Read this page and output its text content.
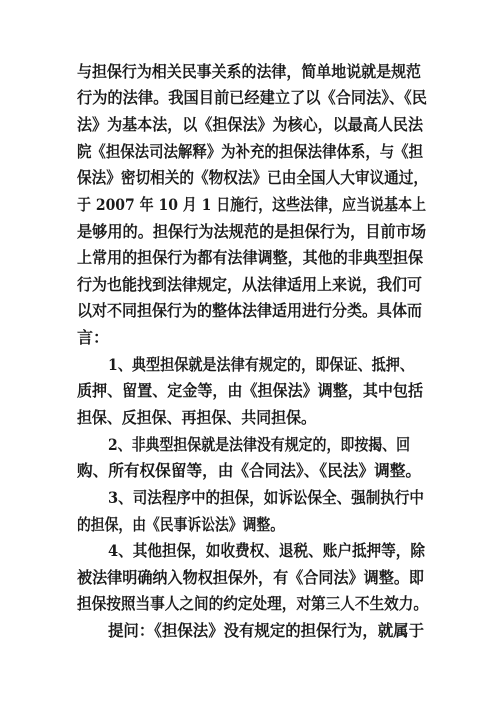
与担保行为相关民事关系的法律，简单地说就是规范
行为的法律。我国目前已经建立了以《合同法》、《民
法》为基本法，以《担保法》为核心，以最高人民法
院《担保法司法解释》为补充的担保法律体系，与《担
保法》密切相关的《物权法》已由全国人大审议通过，
于 2007 年 10 月 1 日施行，这些法律，应当说基本上
是够用的。担保行为法规范的是担保行为，目前市场
上常用的担保行为都有法律调整，其他的非典型担保
行为也能找到法律规定，从法律适用上来说，我们可
以对不同担保行为的整体法律适用进行分类。具体而
言：
1、典型担保就是法律有规定的，即保证、抵押、
质押、留置、定金等，由《担保法》调整，其中包括
担保、反担保、再担保、共同担保。
2、非典型担保就是法律没有规定的，即按揭、回
购、所有权保留等，由《合同法》、《民法》调整。
3、司法程序中的担保，如诉讼保全、强制执行中
的担保，由《民事诉讼法》调整。
4、其他担保，如收费权、退税、账户抵押等，除
被法律明确纳入物权担保外，有《合同法》调整。即
担保按照当事人之间的约定处理，对第三人不生效力。
提问：《担保法》没有规定的担保行为，就属于
